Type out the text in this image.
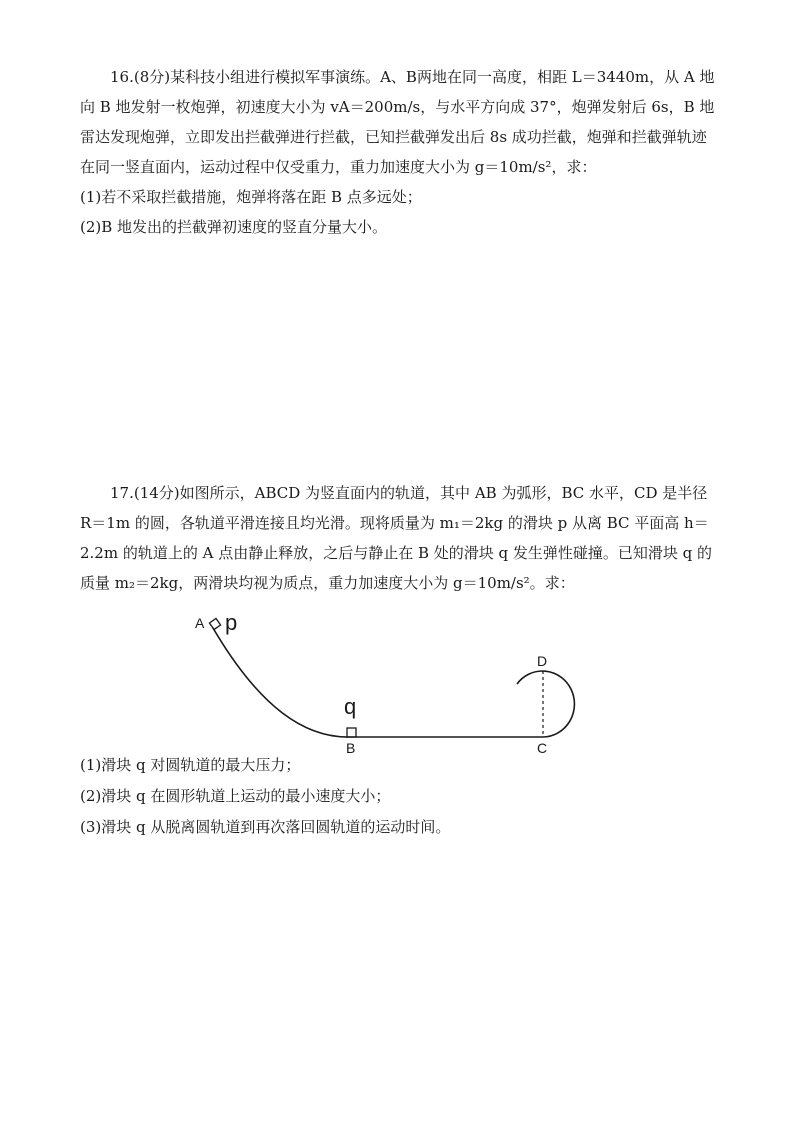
16.(8分)某科技小组进行模拟军事演练。A、B两地在同一高度，相距 L＝3440m，从 A 地向 B 地发射一枚炮弹，初速度大小为 vA＝200m/s，与水平方向成 37°，炮弹发射后 6s，B 地雷达发现炮弹，立即发出拦截弹进行拦截，已知拦截弹发出后 8s 成功拦截，炮弹和拦截弹轨迹在同一竖直面内，运动过程中仅受重力，重力加速度大小为 g＝10m/s²，求：

(1)若不采取拦截措施，炮弹将落在距 B 点多远处；

(2)B 地发出的拦截弹初速度的竖直分量大小。

17.(14分)如图所示，ABCD 为竖直面内的轨道，其中 AB 为弧形，BC 水平，CD 是半径 R＝1m 的圆，各轨道平滑连接且均光滑。现将质量为 m₁＝2kg 的滑块 p 从离 BC 平面高 h＝2.2m 的轨道上的 A 点由静止释放，之后与静止在 B 处的滑块 q 发生弹性碰撞。已知滑块 q 的质量 m₂＝2kg，两滑块均视为质点，重力加速度大小为 g＝10m/s²。求：

A p
q
B	C
D

(1)滑块 q 对圆轨道的最大压力；

(2)滑块 q 在圆形轨道上运动的最小速度大小；

(3)滑块 q 从脱离圆轨道到再次落回圆轨道的运动时间。
